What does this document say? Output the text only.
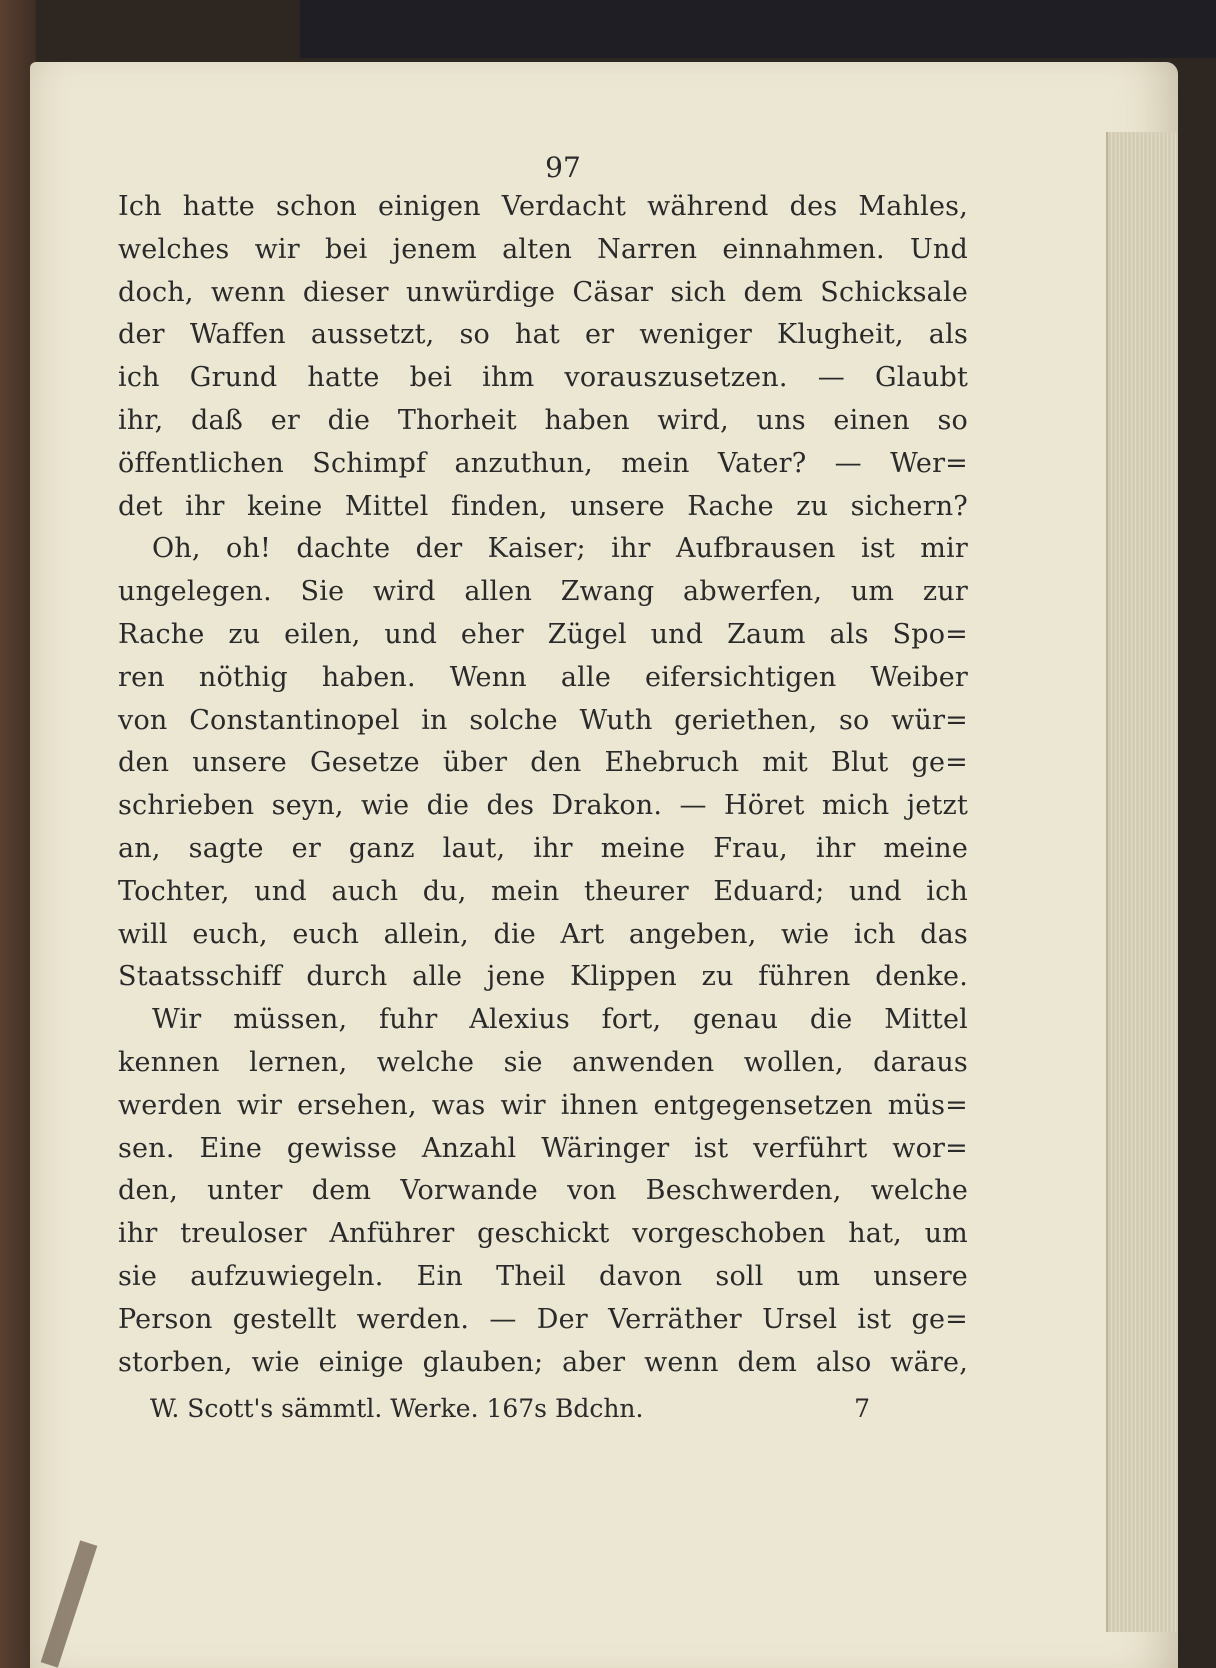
97
Ich hatte schon einigen Verdacht während des Mahles,
welches wir bei jenem alten Narren einnahmen. Und
doch, wenn dieser unwürdige Cäsar sich dem Schicksale
der Waffen aussetzt, so hat er weniger Klugheit, als
ich Grund hatte bei ihm vorauszusetzen. — Glaubt
ihr, daß er die Thorheit haben wird, uns einen so
öffentlichen Schimpf anzuthun, mein Vater? — Wer=
det ihr keine Mittel finden, unsere Rache zu sichern?
Oh, oh! dachte der Kaiser; ihr Aufbrausen ist mir
ungelegen. Sie wird allen Zwang abwerfen, um zur
Rache zu eilen, und eher Zügel und Zaum als Spo=
ren nöthig haben. Wenn alle eifersichtigen Weiber
von Constantinopel in solche Wuth geriethen, so wür=
den unsere Gesetze über den Ehebruch mit Blut ge=
schrieben seyn, wie die des Drakon. — Höret mich jetzt
an, sagte er ganz laut, ihr meine Frau, ihr meine
Tochter, und auch du, mein theurer Eduard; und ich
will euch, euch allein, die Art angeben, wie ich das
Staatsschiff durch alle jene Klippen zu führen denke.
Wir müssen, fuhr Alexius fort, genau die Mittel
kennen lernen, welche sie anwenden wollen, daraus
werden wir ersehen, was wir ihnen entgegensetzen müs=
sen. Eine gewisse Anzahl Wäringer ist verführt wor=
den, unter dem Vorwande von Beschwerden, welche
ihr treuloser Anführer geschickt vorgeschoben hat, um
sie aufzuwiegeln. Ein Theil davon soll um unsere
Person gestellt werden. — Der Verräther Ursel ist ge=
storben, wie einige glauben; aber wenn dem also wäre,
W. Scott's sämmtl. Werke. 167s Bdchn.	7
